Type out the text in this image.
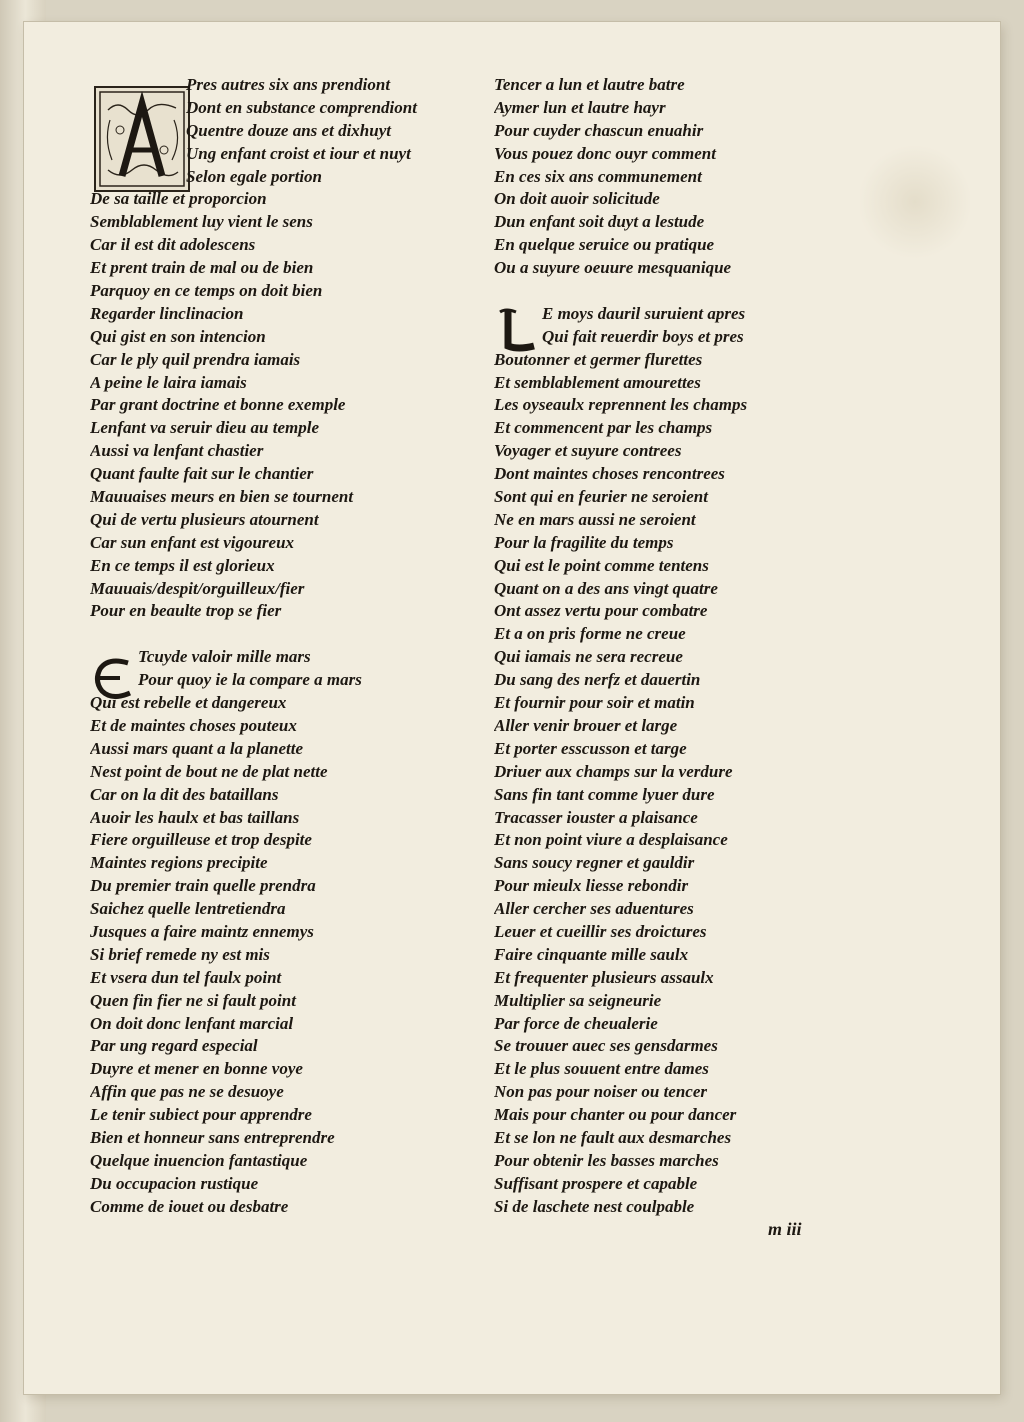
Pres autres six ans prendiont
Dont en substance comprendiont
Quentre douze ans et dixhuyt
Ung enfant croist et iour et nuyt
Selon egale portion
De sa taille et proporcion
Semblablement luy vient le sens
Car il est dit adolescens
Et prent train de mal ou de bien
Parquoy en ce temps on doit bien
Regarder linclinacion
Qui gist en son intencion
Car le ply quil prendra iamais
A peine le laira iamais
Par grant doctrine et bonne exemple
Lenfant va seruir dieu au temple
Aussi va lenfant chastier
Quant faulte fait sur le chantier
Mauuaises meurs en bien se tournent
Qui de vertu plusieurs atournent
Car sun enfant est vigoureux
En ce temps il est glorieux
Mauuais/despit/orguilleux/fier
Pour en beaulte trop se fier
Tcuyde valoir mille mars
Pour quoy ie la compare a mars
Qui est rebelle et dangereux
Et de maintes choses pouteux
Aussi mars quant a la planette
Nest point de bout ne de plat nette
Car on la dit des bataillans
Auoir les haulx et bas taillans
Fiere orguilleuse et trop despite
Maintes regions precipite
Du premier train quelle prendra
Saichez quelle lentretiendra
Jusques a faire maintz ennemys
Si brief remede ny est mis
Et vsera dun tel faulx point
Quen fin fier ne si fault point
On doit donc lenfant marcial
Par ung regard especial
Duyre et mener en bonne voye
Affin que pas ne se desuoye
Le tenir subiect pour apprendre
Bien et honneur sans entreprendre
Quelque inuencion fantastique
Du occupacion rustique
Comme de iouet ou desbatre
Tencer a lun et lautre batre
Aymer lun et lautre hayr
Pour cuyder chascun enuahir
Vous pouez donc ouyr comment
En ces six ans communement
On doit auoir solicitude
Dun enfant soit duyt a lestude
En quelque seruice ou pratique
Ou a suyure oeuure mesquanique
E moys dauril suruient apres
Qui fait reuerdir boys et pres
Boutonner et germer flurettes
Et semblablement amourettes
Les oyseaulx reprennent les champs
Et commencent par les champs
Voyager et suyure contrees
Dont maintes choses rencontrees
Sont qui en feurier ne seroient
Ne en mars aussi ne seroient
Pour la fragilite du temps
Qui est le point comme tentens
Quant on a des ans vingt quatre
Ont assez vertu pour combatre
Et a on pris forme ne creue
Qui iamais ne sera recreue
Du sang des nerfz et dauertin
Et fournir pour soir et matin
Aller venir brouer et large
Et porter esscusson et targe
Driuer aux champs sur la verdure
Sans fin tant comme lyuer dure
Tracasser iouster a plaisance
Et non point viure a desplaisance
Sans soucy regner et gauldir
Pour mieulx liesse rebondir
Aller cercher ses aduentures
Leuer et cueillir ses droictures
Faire cinquante mille saulx
Et frequenter plusieurs assaulx
Multiplier sa seigneurie
Par force de cheualerie
Se trouuer auec ses gensdarmes
Et le plus souuent entre dames
Non pas pour noiser ou tencer
Mais pour chanter ou pour dancer
Et se lon ne fault aux desmarches
Pour obtenir les basses marches
Suffisant prospere et capable
Si de laschete nest coulpable
m iii
